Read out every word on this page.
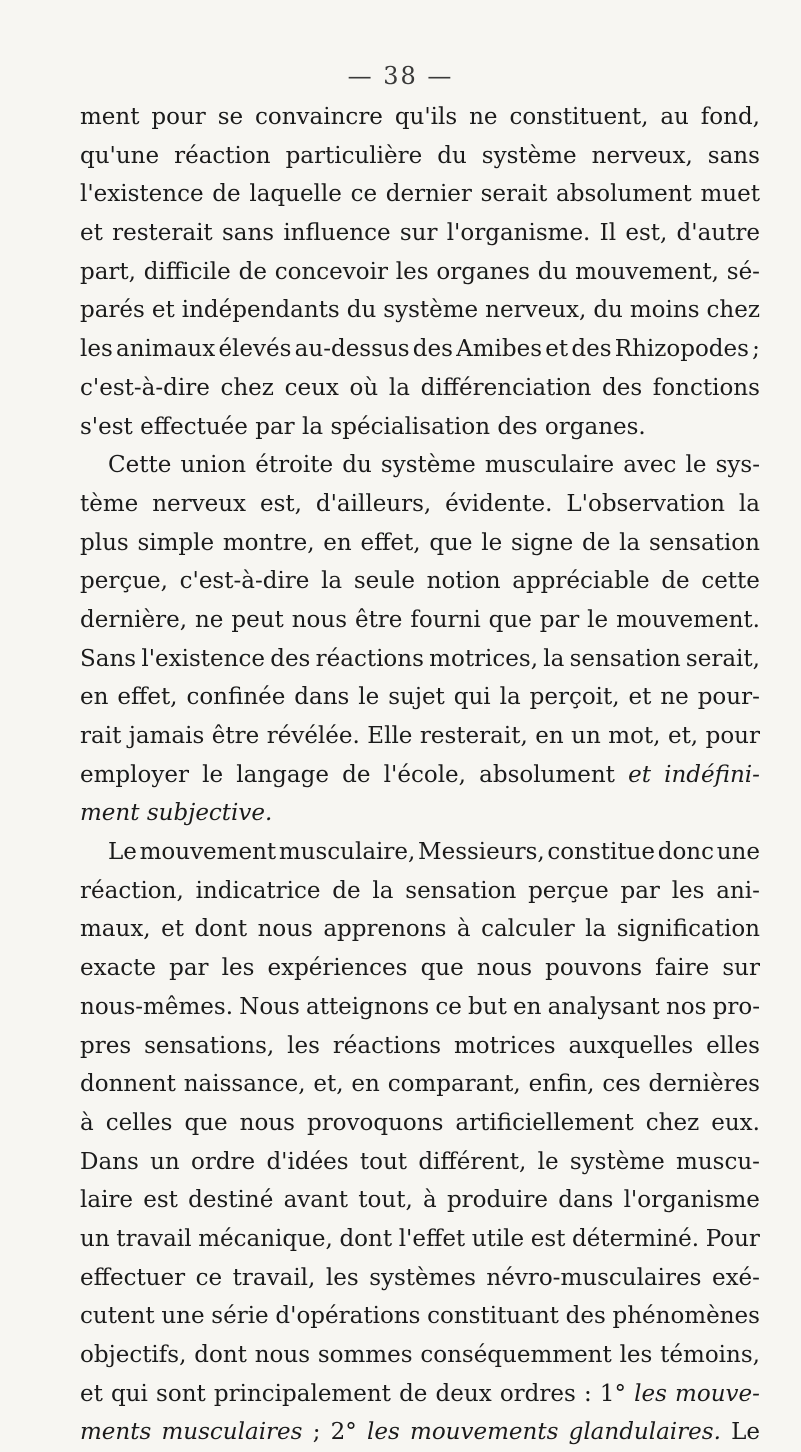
— 38 —
ment pour se convaincre qu'ils ne constituent, au fond,
qu'une réaction particulière du système nerveux, sans
l'existence de laquelle ce dernier serait absolument muet
et resterait sans influence sur l'organisme. Il est, d'autre
part, difficile de concevoir les organes du mouvement, sé-
parés et indépendants du système nerveux, du moins chez
les animaux élevés au-dessus des Amibes et des Rhizopodes ;
c'est-à-dire chez ceux où la différenciation des fonctions
s'est effectuée par la spécialisation des organes.
Cette union étroite du système musculaire avec le sys-
tème nerveux est, d'ailleurs, évidente. L'observation la
plus simple montre, en effet, que le signe de la sensation
perçue, c'est-à-dire la seule notion appréciable de cette
dernière, ne peut nous être fourni que par le mouvement.
Sans l'existence des réactions motrices, la sensation serait,
en effet, confinée dans le sujet qui la perçoit, et ne pour-
rait jamais être révélée. Elle resterait, en un mot, et, pour
employer le langage de l'école, absolument et indéfini-
ment subjective.
Le mouvement musculaire, Messieurs, constitue donc une
réaction, indicatrice de la sensation perçue par les ani-
maux, et dont nous apprenons à calculer la signification
exacte par les expériences que nous pouvons faire sur
nous-mêmes. Nous atteignons ce but en analysant nos pro-
pres sensations, les réactions motrices auxquelles elles
donnent naissance, et, en comparant, enfin, ces dernières
à celles que nous provoquons artificiellement chez eux.
Dans un ordre d'idées tout différent, le système muscu-
laire est destiné avant tout, à produire dans l'organisme
un travail mécanique, dont l'effet utile est déterminé. Pour
effectuer ce travail, les systèmes névro-musculaires exé-
cutent une série d'opérations constituant des phénomènes
objectifs, dont nous sommes conséquemment les témoins,
et qui sont principalement de deux ordres : 1° les mouve-
ments musculaires ; 2° les mouvements glandulaires. Le
